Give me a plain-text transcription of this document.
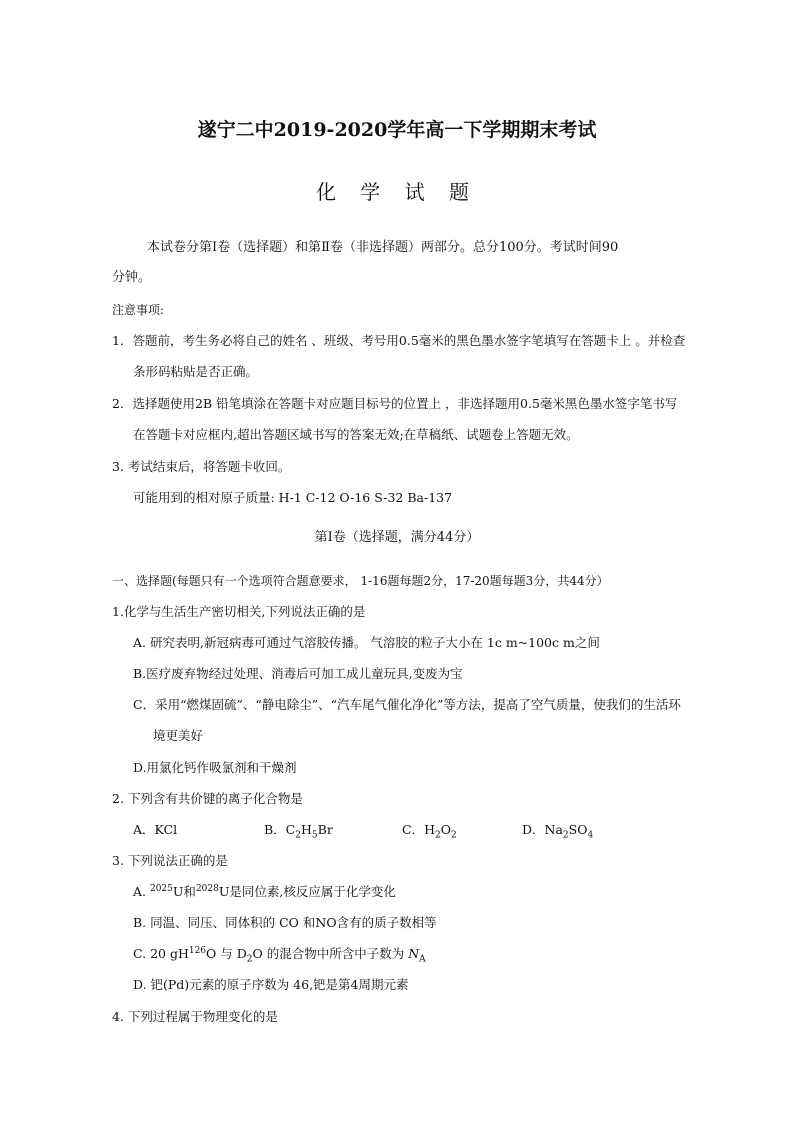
遂宁二中2019-2020学年高一下学期期末考试
化 学 试 题
本试卷分第Ⅰ卷（选择题）和第Ⅱ卷（非选择题）两部分。总分100分。考试时间90
分钟。
注意事项:
1．答题前，考生务必将自己的姓名 、班级、考号用0.5毫米的黑色墨水签字笔填写在答题卡上 。并检查
条形码粘贴是否正确。
2．选择题使用2B 铅笔填涂在答题卡对应题目标号的位置上 ，非选择题用0.5毫米黑色墨水签字笔书写
在答题卡对应框内,超出答题区域书写的答案无效;在草稿纸、试题卷上答题无效。
3. 考试结束后，将答题卡收回。
可能用到的相对原子质量: H-1 C-12 O-16 S-32 Ba-137
第Ⅰ卷（选择题，满分44分）
一、选择题(每题只有一个选项符合题意要求， 1-16题每题2分，17-20题每题3分，共44分）
1.化学与生活生产密切相关,下列说法正确的是
A. 研究表明,新冠病毒可通过气溶胶传播。 气溶胶的粒子大小在 1c m~100c m之间
B.医疗废弃物经过处理、消毒后可加工成儿童玩具,变废为宝
C．采用“燃煤固硫”、“静电除尘”、“汽车尾气催化净化”等方法，提高了空气质量，使我们的生活环
境更美好
D.用氯化钙作吸氯剂和干燥剂
2. 下列含有共价键的离子化合物是
A．KCl	B．$C_2H_5Br$	C．$H_2O_2$	D．$Na_2SO_4$
3. 下列说法正确的是
A. $^{2025}$U和$^{2028}$U是同位素,核反应属于化学变化
B. 同温、同压、同体积的 CO 和NO含有的质子数相等
C. 20 $gH^{126}O$ 与 $D_2O$ 的混合物中所含中子数为 $N_A$
D. 钯(Pd)元素的原子序数为 46,钯是第4周期元素
4. 下列过程属于物理变化的是
